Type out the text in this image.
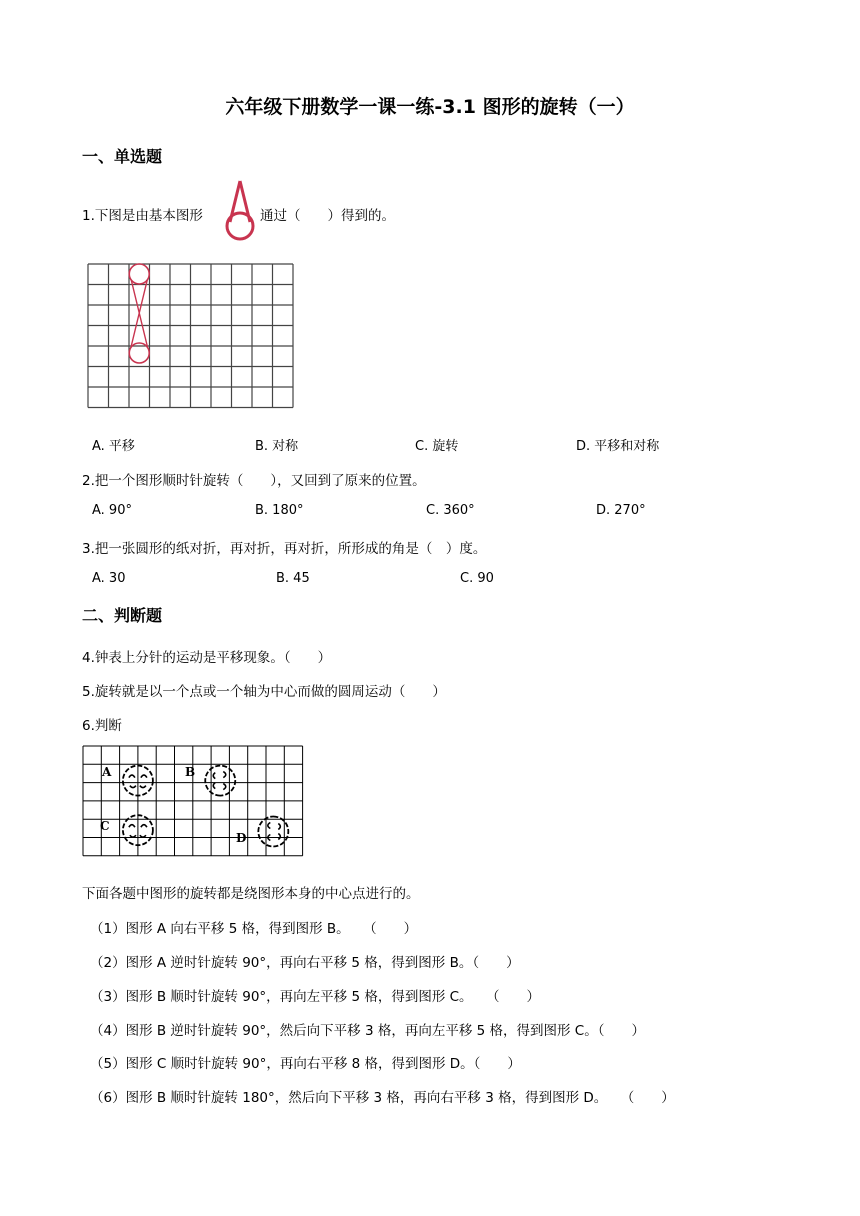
六年级下册数学一课一练-3.1 图形的旋转（一）
一、单选题
1.下图是由基本图形	通过（　　）得到的。
A. 平移	B. 对称	C. 旋转	D. 平移和对称
2.把一个图形顺时针旋转（　　），又回到了原来的位置。
A. 90°	B. 180°	C. 360°	D. 270°
3.把一张圆形的纸对折，再对折，再对折，所形成的角是（　）度。
A. 30	B. 45	C. 90
二、判断题
4.钟表上分针的运动是平移现象。（　　）
5.旋转就是以一个点或一个轴为中心而做的圆周运动（　　）
6.判断
A	B
C
D
下面各题中图形的旋转都是绕图形本身的中心点进行的。
（1）图形 A 向右平移 5 格，得到图形 B。　　（　　）
（2）图形 A 逆时针旋转 90°，再向右平移 5 格，得到图形 B。（　　）
（3）图形 B 顺时针旋转 90°，再向左平移 5 格，得到图形 C。　　（　　）
（4）图形 B 逆时针旋转 90°，然后向下平移 3 格，再向左平移 5 格，得到图形 C。（　　）
（5）图形 C 顺时针旋转 90°，再向右平移 8 格，得到图形 D。（　　）
（6）图形 B 顺时针旋转 180°，然后向下平移 3 格，再向右平移 3 格，得到图形 D。　　（　　）
